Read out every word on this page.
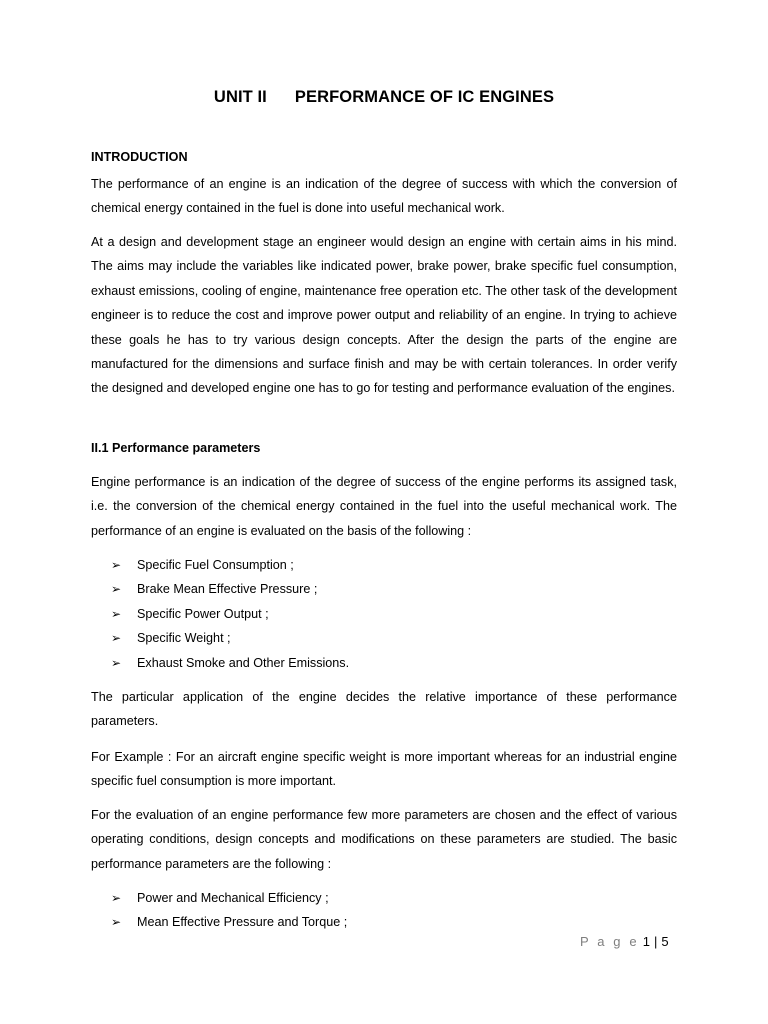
UNIT II PERFORMANCE OF IC ENGINES

INTRODUCTION

The performance of an engine is an indication of the degree of success with which the conversion of chemical energy contained in the fuel is done into useful mechanical work.

At a design and development stage an engineer would design an engine with certain aims in his mind. The aims may include the variables like indicated power, brake power, brake specific fuel consumption, exhaust emissions, cooling of engine, maintenance free operation etc. The other task of the development engineer is to reduce the cost and improve power output and reliability of an engine. In trying to achieve these goals he has to try various design concepts. After the design the parts of the engine are manufactured for the dimensions and surface finish and may be with certain tolerances. In order verify the designed and developed engine one has to go for testing and performance evaluation of the engines.

II.1 Performance parameters

Engine performance is an indication of the degree of success of the engine performs its assigned task, i.e. the conversion of the chemical energy contained in the fuel into the useful mechanical work. The performance of an engine is evaluated on the basis of the following :

➢ Specific Fuel Consumption ;
➢ Brake Mean Effective Pressure ;
➢ Specific Power Output ;
➢ Specific Weight ;
➢ Exhaust Smoke and Other Emissions.

The particular application of the engine decides the relative importance of these performance parameters.

For Example : For an aircraft engine specific weight is more important whereas for an industrial engine specific fuel consumption is more important.

For the evaluation of an engine performance few more parameters are chosen and the effect of various operating conditions, design concepts and modifications on these parameters are studied. The basic performance parameters are the following :

➢ Power and Mechanical Efficiency ;
➢ Mean Effective Pressure and Torque ;
P a g e 1 | 5
